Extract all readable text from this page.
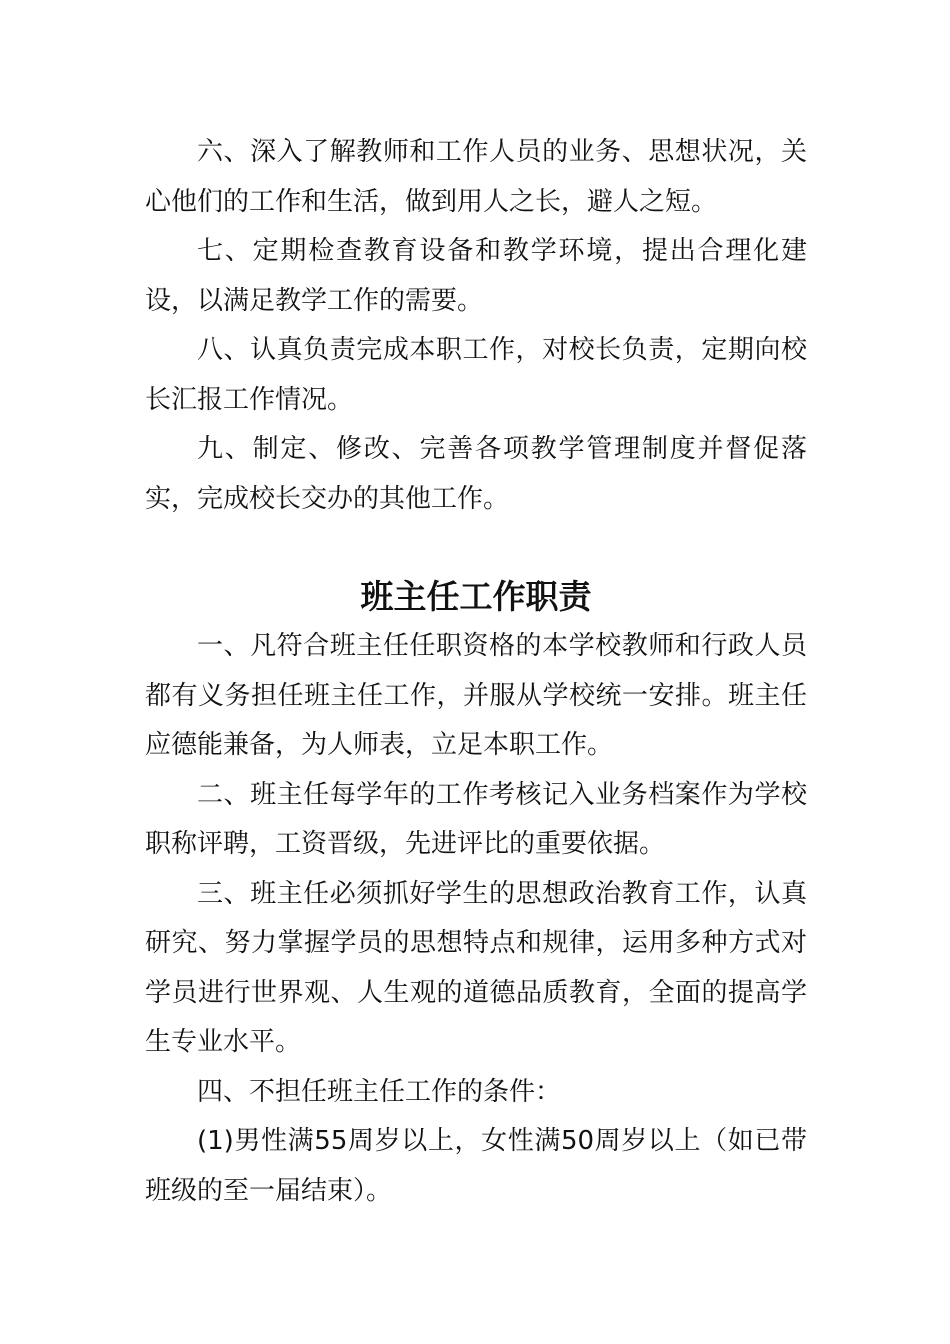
六、深入了解教师和工作人员的业务、思想状况，关心他们的工作和生活，做到用人之长，避人之短。

七、定期检查教育设备和教学环境，提出合理化建设，以满足教学工作的需要。

八、认真负责完成本职工作，对校长负责，定期向校长汇报工作情况。

九、制定、修改、完善各项教学管理制度并督促落实，完成校长交办的其他工作。

班主任工作职责

一、凡符合班主任任职资格的本学校教师和行政人员都有义务担任班主任工作，并服从学校统一安排。班主任应德能兼备，为人师表，立足本职工作。

二、班主任每学年的工作考核记入业务档案作为学校职称评聘，工资晋级，先进评比的重要依据。

三、班主任必须抓好学生的思想政治教育工作，认真研究、努力掌握学员的思想特点和规律，运用多种方式对学员进行世界观、人生观的道德品质教育，全面的提高学生专业水平。

四、不担任班主任工作的条件：

(1)男性满55周岁以上，女性满50周岁以上（如已带班级的至一届结束）。
